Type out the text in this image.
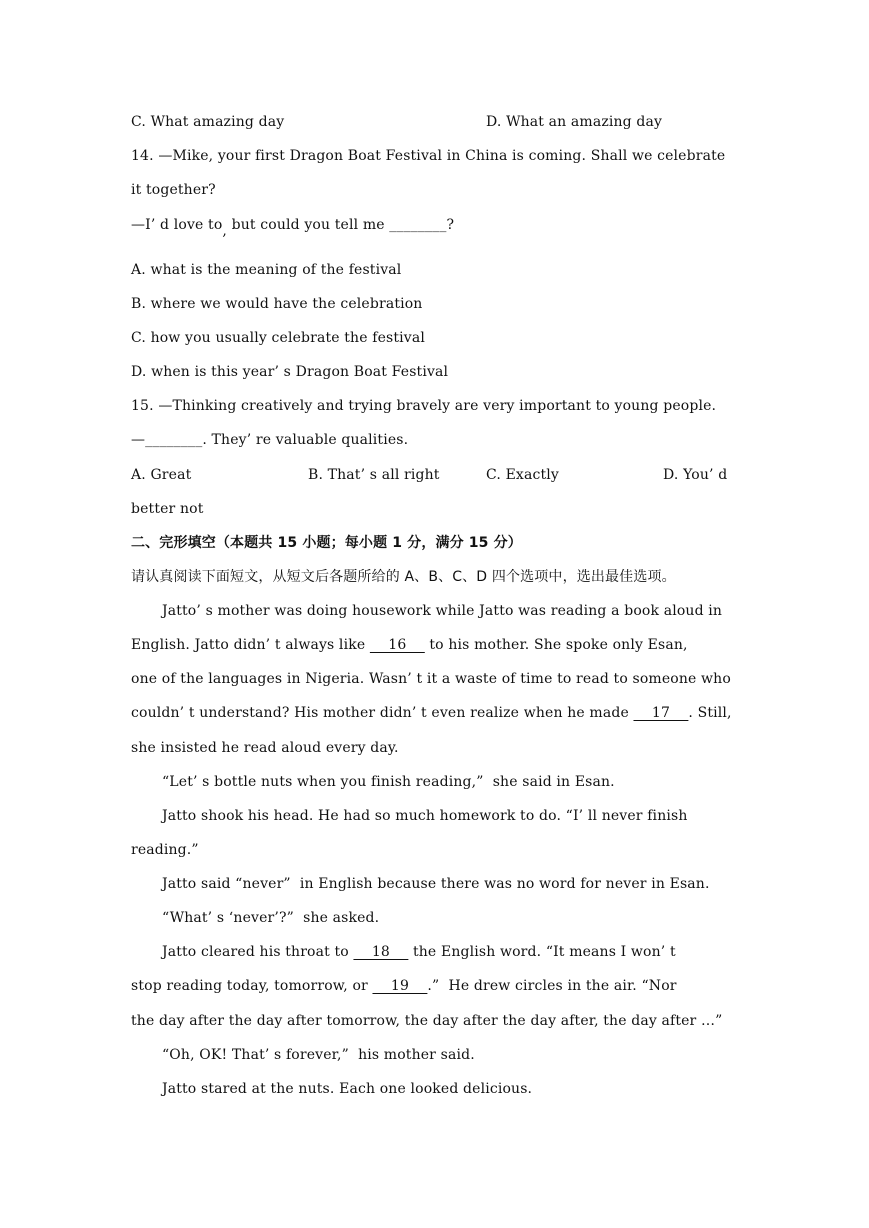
C. What amazing day	D. What an amazing day
14. —Mike, your first Dragon Boat Festival in China is coming. Shall we celebrate
it together?
—I’ d love to, but could you tell me ________?
A. what is the meaning of the festival
B. where we would have the celebration
C. how you usually celebrate the festival
D. when is this year’ s Dragon Boat Festival
15. —Thinking creatively and trying bravely are very important to young people.
—________. They’ re valuable qualities.
A. Great	B. That’ s all right	C. Exactly	D. You’ d
better not
二、完形填空（本题共 15 小题；每小题 1 分，满分 15 分）
请认真阅读下面短文，从短文后各题所给的 A、B、C、D 四个选项中，选出最佳选项。
Jatto’ s mother was doing housework while Jatto was reading a book aloud in
English. Jatto didn’ t always like     16     to his mother. She spoke only Esan,
one of the languages in Nigeria. Wasn’ t it a waste of time to read to someone who
couldn’ t understand? His mother didn’ t even realize when he made     17    . Still,
she insisted he read aloud every day.
“Let’ s bottle nuts when you finish reading,”  she said in Esan.
Jatto shook his head. He had so much homework to do. “I’ ll never finish
reading.”
Jatto said “never”  in English because there was no word for never in Esan.
“What’ s ‘never’?”  she asked.
Jatto cleared his throat to     18     the English word. “It means I won’ t
stop reading today, tomorrow, or     19    .”  He drew circles in the air. “Nor
the day after the day after tomorrow, the day after the day after, the day after …”
“Oh, OK! That’ s forever,”  his mother said.
Jatto stared at the nuts. Each one looked delicious.
